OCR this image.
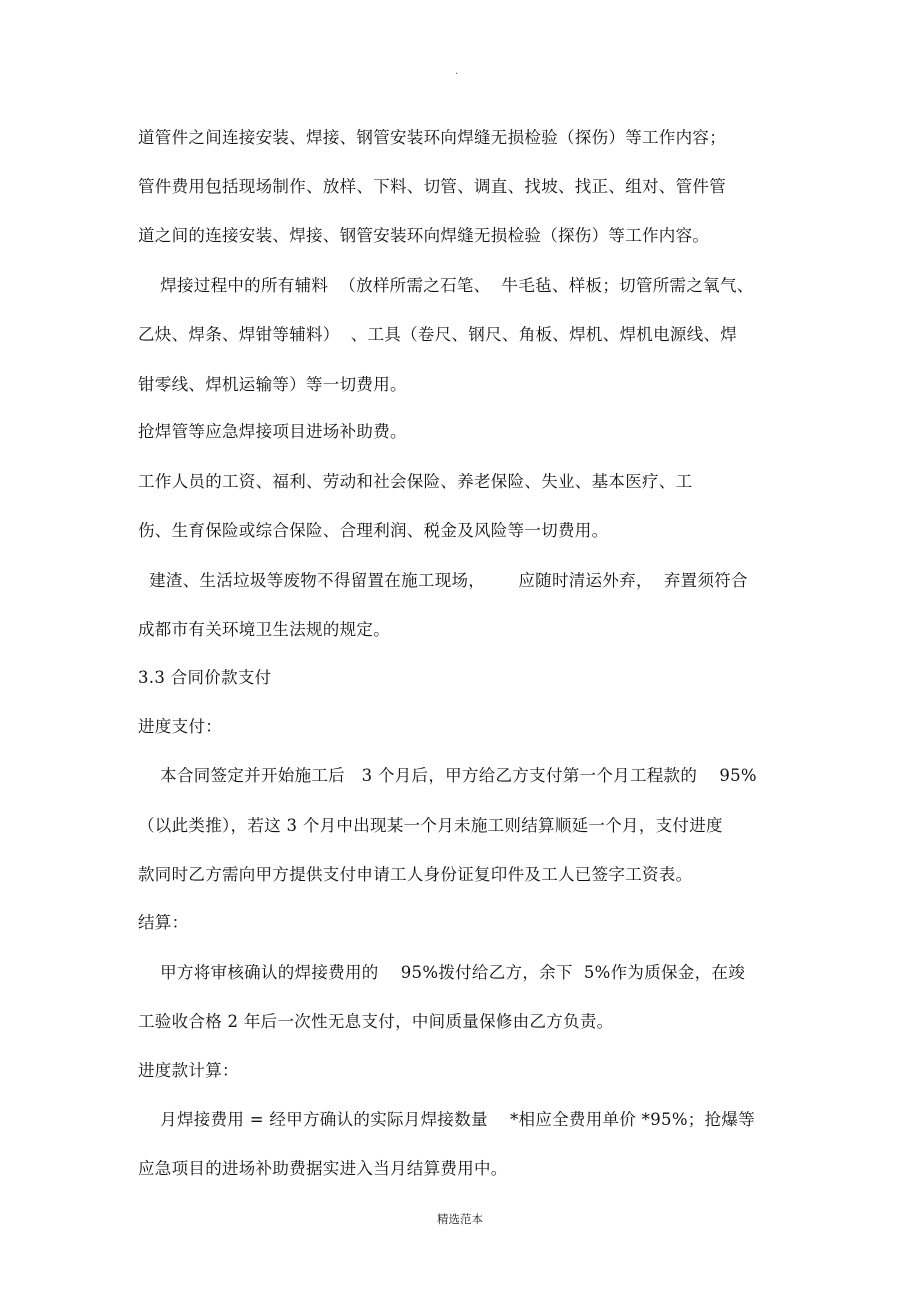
.
道管件之间连接安装、焊接、钢管安装环向焊缝无损检验（探伤）等工作内容；
管件费用包括现场制作、放样、下料、切管、调直、找坡、找正、组对、管件管
道之间的连接安装、焊接、钢管安装环向焊缝无损检验（探伤）等工作内容。
焊接过程中的所有辅料  （放样所需之石笔、  牛毛毡、样板；切管所需之氧气、
乙炔、焊条、焊钳等辅料）  、工具（卷尺、钢尺、角板、焊机、焊机电源线、焊
钳零线、焊机运输等）等一切费用。
抢焊管等应急焊接项目进场补助费。
工作人员的工资、福利、劳动和社会保险、养老保险、失业、基本医疗、工
伤、生育保险或综合保险、合理利润、税金及风险等一切费用。
建渣、生活垃圾等废物不得留置在施工现场，      应随时清运外弃，  弃置须符合
成都市有关环境卫生法规的规定。
3.3 合同价款支付
进度支付：
本合同签定并开始施工后   3 个月后，甲方给乙方支付第一个月工程款的    95%
（以此类推），若这 3 个月中出现某一个月未施工则结算顺延一个月，支付进度
款同时乙方需向甲方提供支付申请工人身份证复印件及工人已签字工资表。
结算：
甲方将审核确认的焊接费用的    95%拨付给乙方，余下  5%作为质保金，在竣
工验收合格 2 年后一次性无息支付，中间质量保修由乙方负责。
进度款计算：
月焊接费用 = 经甲方确认的实际月焊接数量    *相应全费用单价 *95%；抢爆等
应急项目的进场补助费据实进入当月结算费用中。
精选范本
